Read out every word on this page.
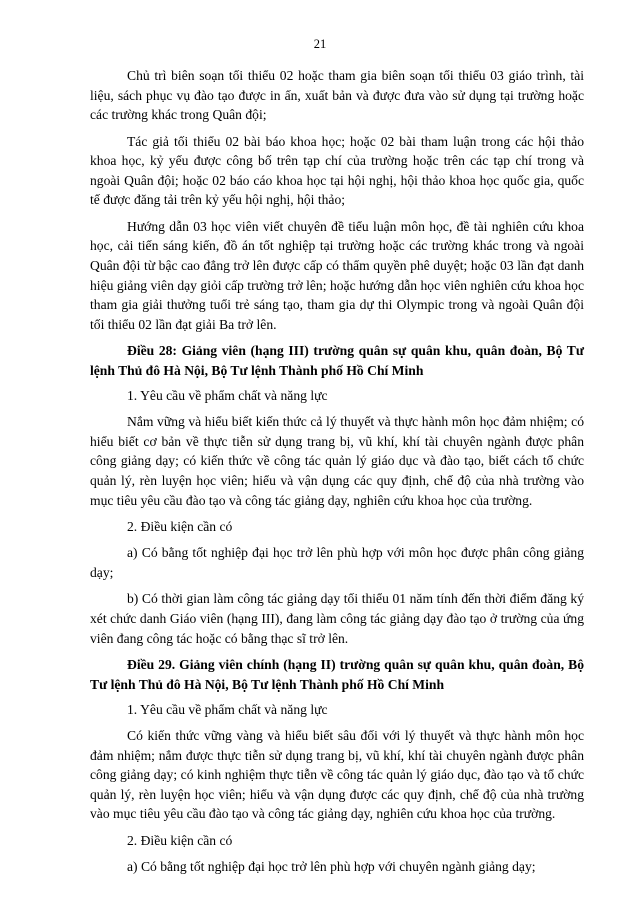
21

Chủ trì biên soạn tối thiểu 02 hoặc tham gia biên soạn tối thiểu 03 giáo trình, tài liệu, sách phục vụ đào tạo được in ấn, xuất bản và được đưa vào sử dụng tại trường hoặc các trường khác trong Quân đội;

Tác giả tối thiểu 02 bài báo khoa học; hoặc 02 bài tham luận trong các hội thảo khoa học, kỷ yếu được công bố trên tạp chí của trường hoặc trên các tạp chí trong và ngoài Quân đội; hoặc 02 báo cáo khoa học tại hội nghị, hội thảo khoa học quốc gia, quốc tế được đăng tải trên kỷ yếu hội nghị, hội thảo;

Hướng dẫn 03 học viên viết chuyên đề tiểu luận môn học, đề tài nghiên cứu khoa học, cải tiến sáng kiến, đồ án tốt nghiệp tại trường hoặc các trường khác trong và ngoài Quân đội từ bậc cao đẳng trở lên được cấp có thẩm quyền phê duyệt; hoặc 03 lần đạt danh hiệu giảng viên dạy giỏi cấp trường trở lên; hoặc hướng dẫn học viên nghiên cứu khoa học tham gia giải thưởng tuổi trẻ sáng tạo, tham gia dự thi Olympic trong và ngoài Quân đội tối thiểu 02 lần đạt giải Ba trở lên.

Điều 28: Giảng viên (hạng III) trường quân sự quân khu, quân đoàn, Bộ Tư lệnh Thủ đô Hà Nội, Bộ Tư lệnh Thành phố Hồ Chí Minh

1. Yêu cầu về phẩm chất và năng lực

Nắm vững và hiểu biết kiến thức cả lý thuyết và thực hành môn học đảm nhiệm; có hiểu biết cơ bản về thực tiễn sử dụng trang bị, vũ khí, khí tài chuyên ngành được phân công giảng dạy; có kiến thức về công tác quản lý giáo dục và đào tạo, biết cách tổ chức quản lý, rèn luyện học viên; hiểu và vận dụng các quy định, chế độ của nhà trường vào mục tiêu yêu cầu đào tạo và công tác giảng dạy, nghiên cứu khoa học của trường.

2. Điều kiện cần có

a) Có bằng tốt nghiệp đại học trở lên phù hợp với môn học được phân công giảng dạy;

b) Có thời gian làm công tác giảng dạy tối thiểu 01 năm tính đến thời điểm đăng ký xét chức danh Giáo viên (hạng III), đang làm công tác giảng dạy đào tạo ở trường của ứng viên đang công tác hoặc có bằng thạc sĩ trở lên.

Điều 29. Giảng viên chính (hạng II) trường quân sự quân khu, quân đoàn, Bộ Tư lệnh Thủ đô Hà Nội, Bộ Tư lệnh Thành phố Hồ Chí Minh

1. Yêu cầu về phẩm chất và năng lực

Có kiến thức vững vàng và hiểu biết sâu đối với lý thuyết và thực hành môn học đảm nhiệm; nắm được thực tiễn sử dụng trang bị, vũ khí, khí tài chuyên ngành được phân công giảng dạy; có kinh nghiệm thực tiễn về công tác quản lý giáo dục, đào tạo và tổ chức quản lý, rèn luyện học viên; hiểu và vận dụng được các quy định, chế độ của nhà trường vào mục tiêu yêu cầu đào tạo và công tác giảng dạy, nghiên cứu khoa học của trường.

2. Điều kiện cần có

a) Có bằng tốt nghiệp đại học trở lên phù hợp với chuyên ngành giảng dạy;
